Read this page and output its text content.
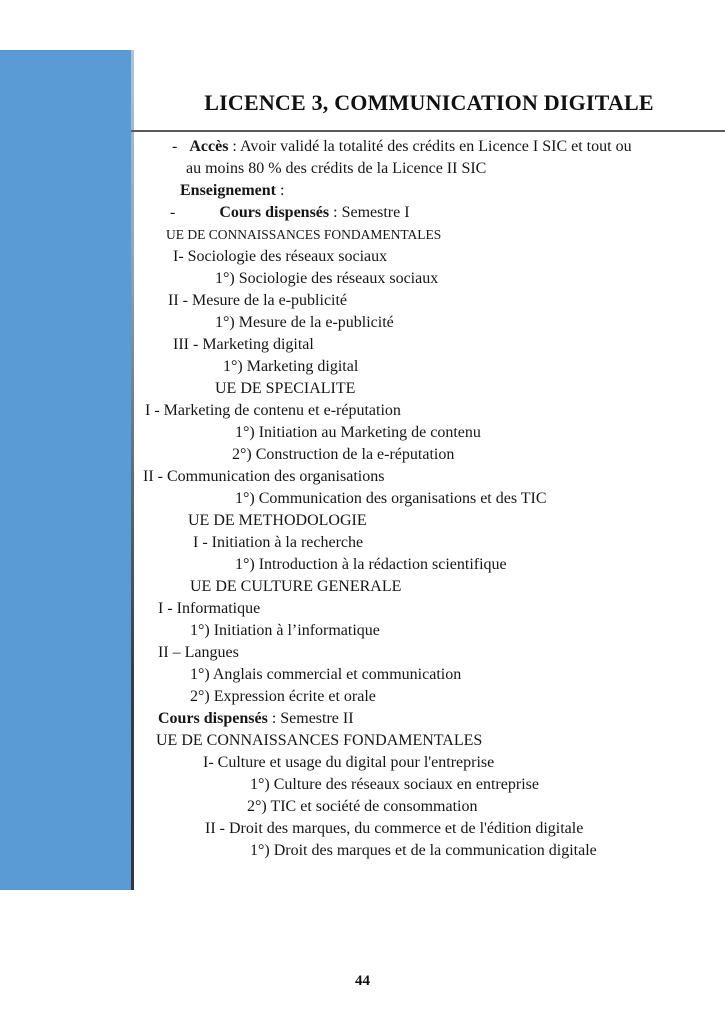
LICENCE 3, COMMUNICATION DIGITALE
-   Accès : Avoir validé la totalité des crédits en Licence I SIC et tout ou
au moins 80 % des crédits de la Licence II SIC
Enseignement :
-           Cours dispensés : Semestre I
UE DE CONNAISSANCES FONDAMENTALES
I- Sociologie des réseaux sociaux
1°) Sociologie des réseaux sociaux
II - Mesure de la e-publicité
1°) Mesure de la e-publicité
III - Marketing digital
1°) Marketing digital
UE DE SPECIALITE
I - Marketing de contenu et e-réputation
1°) Initiation au Marketing de contenu
2°) Construction de la e-réputation
II - Communication des organisations
1°) Communication des organisations et des TIC
UE DE METHODOLOGIE
I - Initiation à la recherche
1°) Introduction à la rédaction scientifique
UE DE CULTURE GENERALE
I - Informatique
1°) Initiation à l’informatique
II – Langues
1°) Anglais commercial et communication
2°) Expression écrite et orale
Cours dispensés : Semestre II
UE DE CONNAISSANCES FONDAMENTALES
I- Culture et usage du digital pour l'entreprise
1°) Culture des réseaux sociaux en entreprise
2°) TIC et société de consommation
II - Droit des marques, du commerce et de l'édition digitale
1°) Droit des marques et de la communication digitale
44
